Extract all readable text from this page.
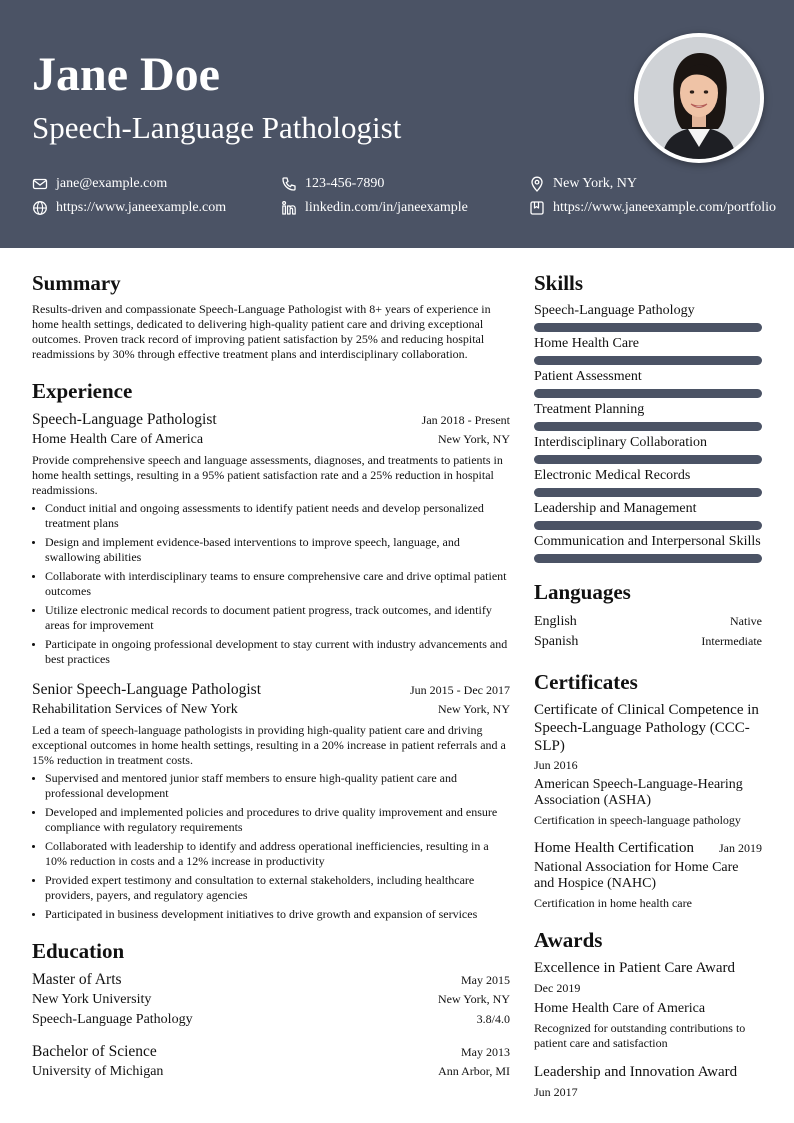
Jane Doe
Speech-Language Pathologist
jane@example.com	123-456-7890	New York, NY
https://www.janeexample.com	linkedin.com/in/janeexample	https://www.janeexample.com/portfolio
Summary
Results-driven and compassionate Speech-Language Pathologist with 8+ years of experience in home health settings, dedicated to delivering high-quality patient care and driving exceptional outcomes. Proven track record of improving patient satisfaction by 25% and reducing hospital readmissions by 30% through effective treatment plans and interdisciplinary collaboration.
Experience
Speech-Language Pathologist	Jan 2018 - Present
Home Health Care of America	New York, NY
Provide comprehensive speech and language assessments, diagnoses, and treatments to patients in home health settings, resulting in a 95% patient satisfaction rate and a 25% reduction in hospital readmissions.
• Conduct initial and ongoing assessments to identify patient needs and develop personalized treatment plans
• Design and implement evidence-based interventions to improve speech, language, and swallowing abilities
• Collaborate with interdisciplinary teams to ensure comprehensive care and drive optimal patient outcomes
• Utilize electronic medical records to document patient progress, track outcomes, and identify areas for improvement
• Participate in ongoing professional development to stay current with industry advancements and best practices
Senior Speech-Language Pathologist	Jun 2015 - Dec 2017
Rehabilitation Services of New York	New York, NY
Led a team of speech-language pathologists in providing high-quality patient care and driving exceptional outcomes in home health settings, resulting in a 20% increase in patient referrals and a 15% reduction in treatment costs.
• Supervised and mentored junior staff members to ensure high-quality patient care and professional development
• Developed and implemented policies and procedures to drive quality improvement and ensure compliance with regulatory requirements
• Collaborated with leadership to identify and address operational inefficiencies, resulting in a 10% reduction in costs and a 12% increase in productivity
• Provided expert testimony and consultation to external stakeholders, including healthcare providers, payers, and regulatory agencies
• Participated in business development initiatives to drive growth and expansion of services
Education
Master of Arts	May 2015
New York University	New York, NY
Speech-Language Pathology	3.8/4.0
Bachelor of Science	May 2013
University of Michigan	Ann Arbor, MI
Skills
Speech-Language Pathology
Home Health Care
Patient Assessment
Treatment Planning
Interdisciplinary Collaboration
Electronic Medical Records
Leadership and Management
Communication and Interpersonal Skills
Languages
English	Native
Spanish	Intermediate
Certificates
Certificate of Clinical Competence in Speech-Language Pathology (CCC-SLP)
Jun 2016
American Speech-Language-Hearing Association (ASHA)
Certification in speech-language pathology
Home Health Certification Jan 2019
National Association for Home Care and Hospice (NAHC)
Certification in home health care
Awards
Excellence in Patient Care Award
Dec 2019
Home Health Care of America
Recognized for outstanding contributions to patient care and satisfaction
Leadership and Innovation Award
Jun 2017
